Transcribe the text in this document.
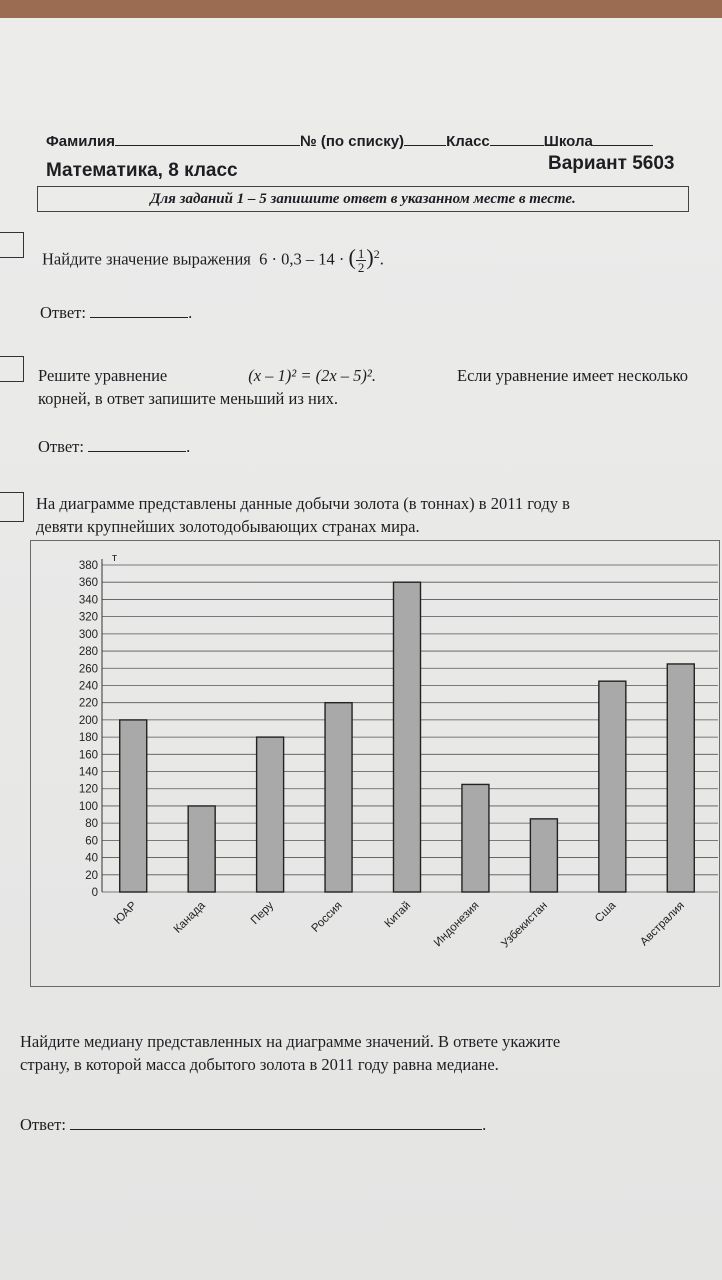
Фамилия	№ (по списку)	Класс	Школа
Математика, 8 класс	Вариант 5603
Для заданий 1 – 5 запишите ответ в указанном месте в тесте.
Найдите значение выражения 6 · 0,3 – 14 · ( $\frac{1}{2})^2$.
Ответ:	.
Решите уравнение	(x – 1)² = (2x – 5)².	Если уравнение имеет несколько
корней, в ответ запишите меньший из них.
Ответ:	.
На диаграмме представлены данные добычи золота (в тоннах) в 2011 году в
девяти крупнейших золотодобывающих странах мира.
0
20
40
60
80
100
120
140
160
180
200
220
240
260
280
300
320
340
360
380
т
ЮАР	Канада	Перу	Россия	Китай Индонезия Узбекистан	Сша Австралия
Найдите медиану представленных на диаграмме значений. В ответе укажите
страну, в которой масса добытого золота в 2011 году равна медиане.
Ответ:	.
